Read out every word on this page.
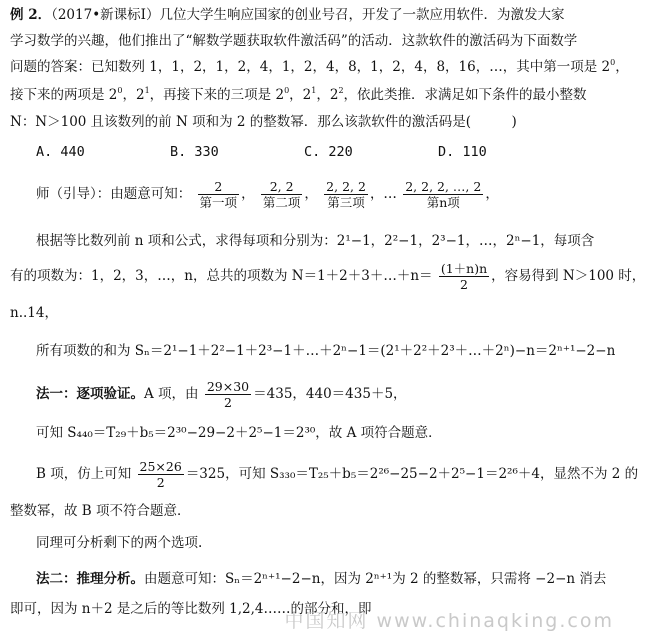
例 2．（2017•新课标Ⅰ）几位大学生响应国家的创业号召，开发了一款应用软件．为激发大家
学习数学的兴趣，他们推出了“解数学题获取软件激活码”的活动．这款软件的激活码为下面数学
问题的答案：已知数列 1，1，2，1，2，4，1，2，4，8，1，2，4，8，16，…，其中第一项是 $2^0$，
接下来的两项是 $2^0$，$2^1$，再接下来的三项是 $2^0$，$2^1$，$2^2$，依此类推．求满足如下条件的最小整数
N：N＞100 且该数列的前 N 项和为 2 的整数幂．那么该款软件的激活码是(　　　)
A. 440	B. 330	C. 220	D. 110
师（引导）：由题意可知： $\frac{2}{\text{第一项}}$ ， $\frac{2, 2}{\text{第二项}}$ ， $\frac{2, 2, 2}{\text{第三项}}$ ，… $\frac{2, 2, 2, \dots, 2}{\text{第n项}}$ ，
根据等比数列前 n 项和公式，求得每项和分别为：2¹−1，2²−1，2³−1，…，2ⁿ−1，每项含
有的项数为：1，2，3，…，n，总共的项数为 N＝1＋2＋3＋…＋n＝ $\frac{(1+n)n}{2}$ ，容易得到 N＞100 时，
n..14，
所有项数的和为 Sₙ＝2¹−1＋2²−1＋2³−1＋…＋2ⁿ−1＝(2¹＋2²＋2³＋…＋2ⁿ)−n＝2ⁿ⁺¹−2−n
法一：逐项验证。A 项，由 $\frac{29\times 30}{2} =435$，440＝435＋5，
可知 S₄₄₀＝T₂₉＋b₅＝2³⁰−29−2＋2⁵−1＝2³⁰，故 A 项符合题意．
B 项，仿上可知 $\frac{25\times 26}{2} =325$，可知 S₃₃₀＝T₂₅＋b₅＝2²⁶−25−2＋2⁵−1＝2²⁶＋4，显然不为 2 的
整数幂，故 B 项不符合题意．
同理可分析剩下的两个选项.
法二：推理分析。由题意可知：Sₙ＝2ⁿ⁺¹−2−n，因为 2ⁿ⁺¹为 2 的整数幂，只需将 −2−n 消去
即可，因为 n＋2 是之后的等比数列 1,2,4……的部分和，即
中国知网 www.chinaqking.com
